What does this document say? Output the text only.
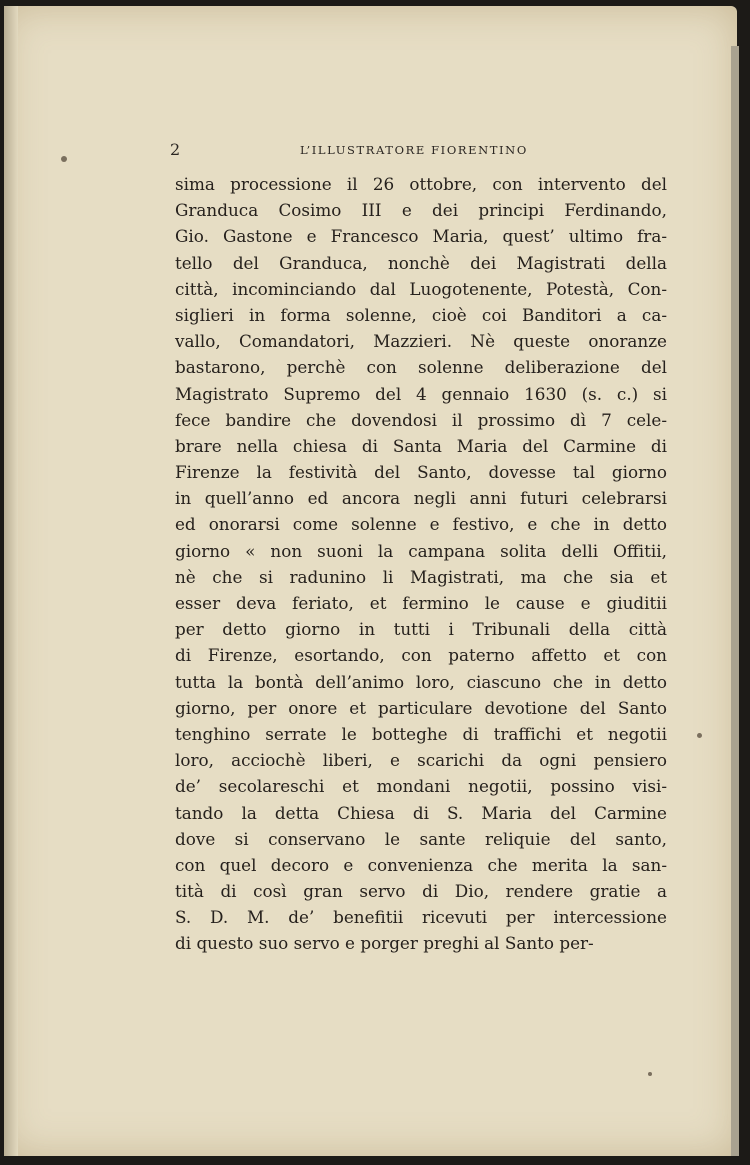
2	L’ILLUSTRATORE FIORENTINO
sima processione il 26 ottobre, con intervento del
Granduca Cosimo III e dei principi Ferdinando,
Gio. Gastone e Francesco Maria, quest’ ultimo fra-
tello del Granduca, nonchè dei Magistrati della
città, incominciando dal Luogotenente, Potestà, Con-
siglieri in forma solenne, cioè coi Banditori a ca-
vallo, Comandatori, Mazzieri. Nè queste onoranze
bastarono, perchè con solenne deliberazione del
Magistrato Supremo del 4 gennaio 1630 (s. c.) si
fece bandire che dovendosi il prossimo dì 7 cele-
brare nella chiesa di Santa Maria del Carmine di
Firenze la festività del Santo, dovesse tal giorno
in quell’anno ed ancora negli anni futuri celebrarsi
ed onorarsi come solenne e festivo, e che in detto
giorno « non suoni la campana solita delli Offitii,
nè che si radunino li Magistrati, ma che sia et
esser deva feriato, et fermino le cause e giuditii
per detto giorno in tutti i Tribunali della città
di Firenze, esortando, con paterno affetto et con
tutta la bontà dell’animo loro, ciascuno che in detto
giorno, per onore et particulare devotione del Santo
tenghino serrate le botteghe di traffichi et negotii
loro, acciochè liberi, e scarichi da ogni pensiero
de’ secolareschi et mondani negotii, possino visi-
tando la detta Chiesa di S. Maria del Carmine
dove si conservano le sante reliquie del santo,
con quel decoro e convenienza che merita la san-
tità di così gran servo di Dio, rendere gratie a
S. D. M. de’ benefitii ricevuti per intercessione
di questo suo servo e porger preghi al Santo per-
